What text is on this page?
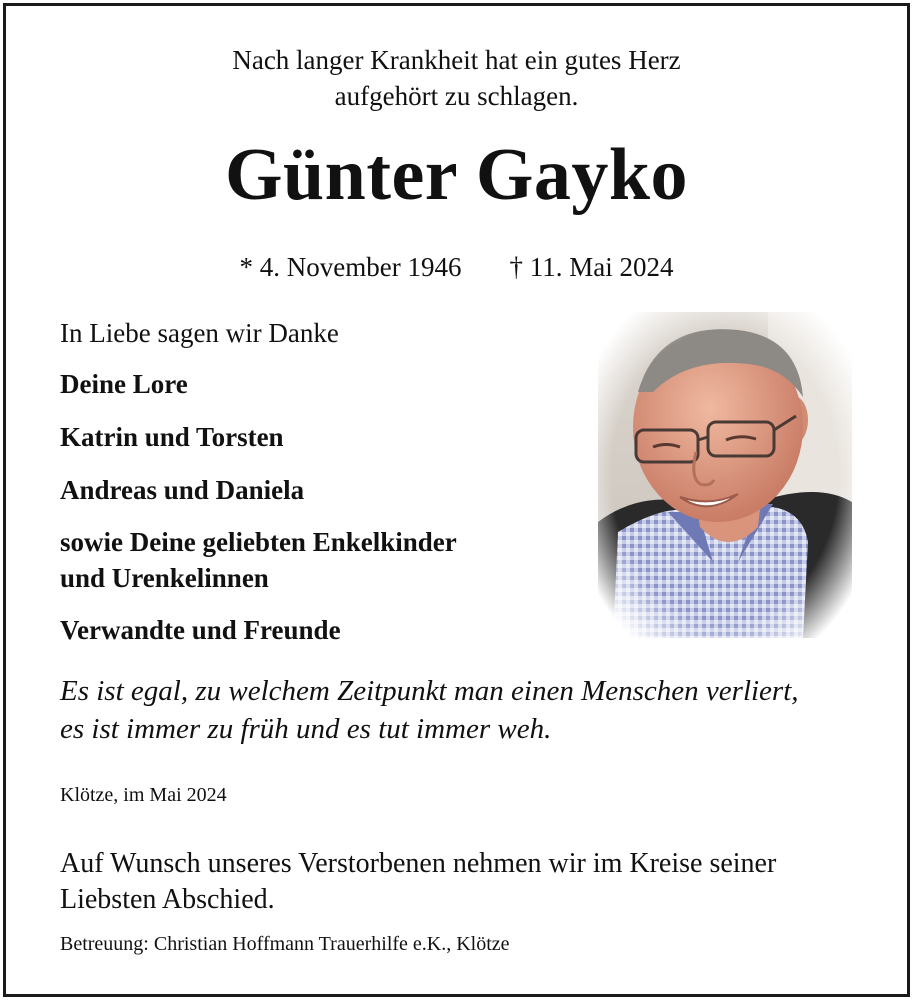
Nach langer Krankheit hat ein gutes Herz
aufgehört zu schlagen.
Günter Gayko
* 4. November 1946 † 11. Mai 2024
In Liebe sagen wir Danke
Deine Lore
Katrin und Torsten
Andreas und Daniela
sowie Deine geliebten Enkelkinder
und Urenkelinnen
Verwandte und Freunde
Es ist egal, zu welchem Zeitpunkt man einen Menschen verliert,
es ist immer zu früh und es tut immer weh.
Klötze, im Mai 2024
Auf Wunsch unseres Verstorbenen nehmen wir im Kreise seiner
Liebsten Abschied.
Betreuung: Christian Hoffmann Trauerhilfe e.K., Klötze
